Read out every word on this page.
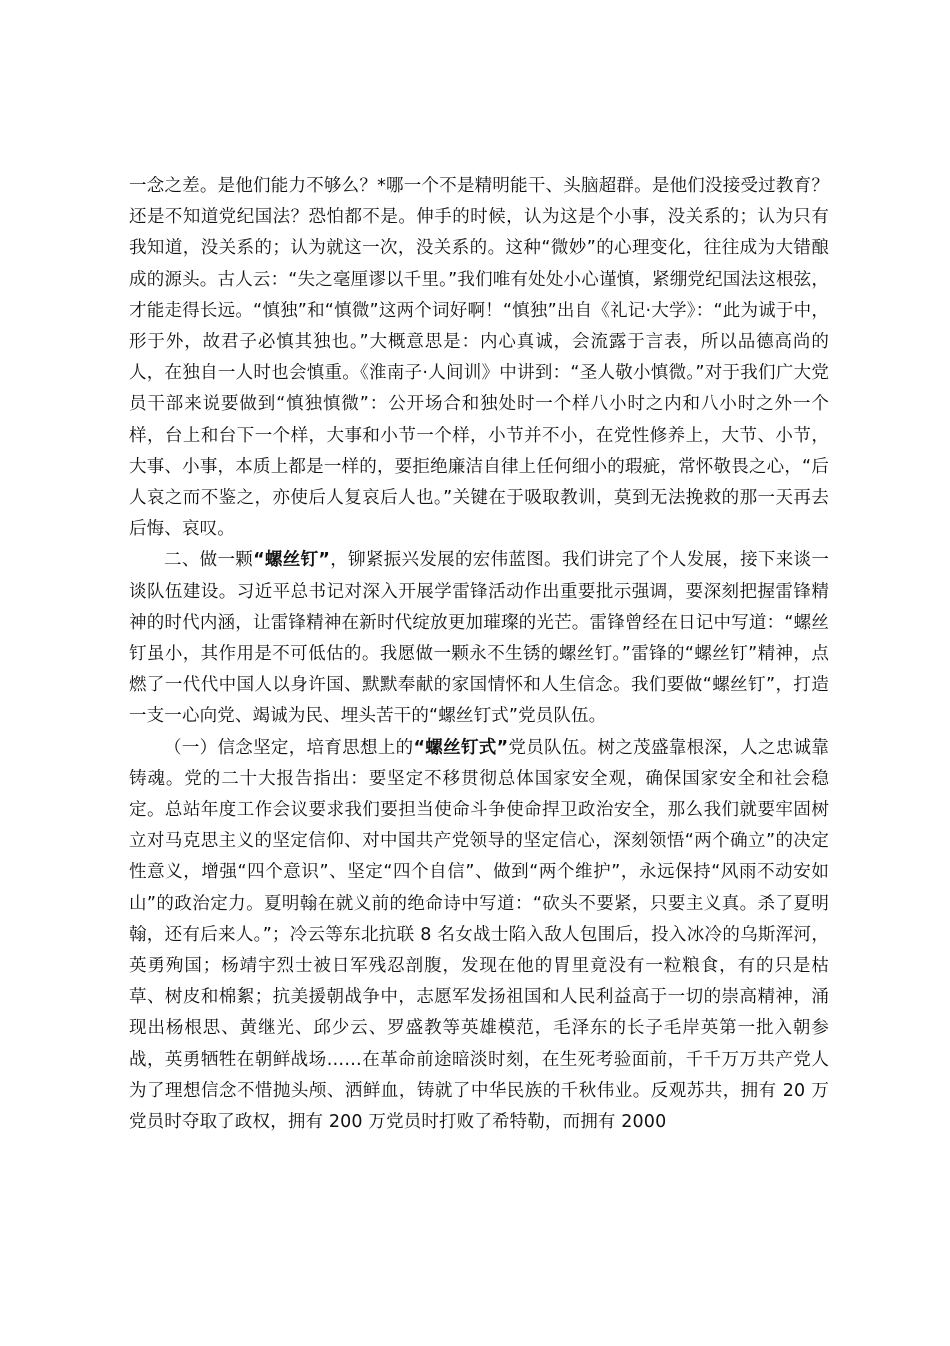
一念之差。是他们能力不够么？*哪一个不是精明能干、头脑超群。是他们没接受过教育？还是不知道党纪国法？恐怕都不是。伸手的时候，认为这是个小事，没关系的；认为只有我知道，没关系的；认为就这一次，没关系的。这种“微妙”的心理变化，往往成为大错酿成的源头。古人云：“失之毫厘谬以千里。”我们唯有处处小心谨慎，紧绷党纪国法这根弦，才能走得长远。“慎独”和“慎微”这两个词好啊！“慎独”出自《礼记·大学》：“此为诚于中，形于外，故君子必慎其独也。”大概意思是：内心真诚，会流露于言表，所以品德高尚的人，在独自一人时也会慎重。《淮南子·人间训》中讲到：“圣人敬小慎微。”对于我们广大党员干部来说要做到“慎独慎微”：公开场合和独处时一个样八小时之内和八小时之外一个样，台上和台下一个样，大事和小节一个样，小节并不小，在党性修养上，大节、小节，大事、小事，本质上都是一样的，要拒绝廉洁自律上任何细小的瑕疵，常怀敬畏之心，“后人哀之而不鉴之，亦使后人复哀后人也。”关键在于吸取教训，莫到无法挽救的那一天再去后悔、哀叹。

二、做一颗“螺丝钉”，铆紧振兴发展的宏伟蓝图。我们讲完了个人发展，接下来谈一谈队伍建设。习近平总书记对深入开展学雷锋活动作出重要批示强调，要深刻把握雷锋精神的时代内涵，让雷锋精神在新时代绽放更加璀璨的光芒。雷锋曾经在日记中写道：“螺丝钉虽小，其作用是不可低估的。我愿做一颗永不生锈的螺丝钉。”雷锋的“螺丝钉”精神，点燃了一代代中国人以身许国、默默奉献的家国情怀和人生信念。我们要做“螺丝钉”，打造一支一心向党、竭诚为民、埋头苦干的“螺丝钉式”党员队伍。

（一）信念坚定，培育思想上的“螺丝钉式”党员队伍。树之茂盛靠根深，人之忠诚靠铸魂。党的二十大报告指出：要坚定不移贯彻总体国家安全观，确保国家安全和社会稳定。总站年度工作会议要求我们要担当使命斗争使命捍卫政治安全，那么我们就要牢固树立对马克思主义的坚定信仰、对中国共产党领导的坚定信心，深刻领悟“两个确立”的决定性意义，增强“四个意识”、坚定“四个自信”、做到“两个维护”，永远保持“风雨不动安如山”的政治定力。夏明翰在就义前的绝命诗中写道：“砍头不要紧，只要主义真。杀了夏明翰，还有后来人。”；冷云等东北抗联 8 名女战士陷入敌人包围后，投入冰冷的乌斯浑河，英勇殉国；杨靖宇烈士被日军残忍剖腹，发现在他的胃里竟没有一粒粮食，有的只是枯草、树皮和棉絮；抗美援朝战争中，志愿军发扬祖国和人民利益高于一切的崇高精神，涌现出杨根思、黄继光、邱少云、罗盛教等英雄模范，毛泽东的长子毛岸英第一批入朝参战，英勇牺牲在朝鲜战场……在革命前途暗淡时刻，在生死考验面前，千千万万共产党人为了理想信念不惜抛头颅、洒鲜血，铸就了中华民族的千秋伟业。反观苏共，拥有 20 万党员时夺取了政权，拥有 200 万党员时打败了希特勒，而拥有 2000
